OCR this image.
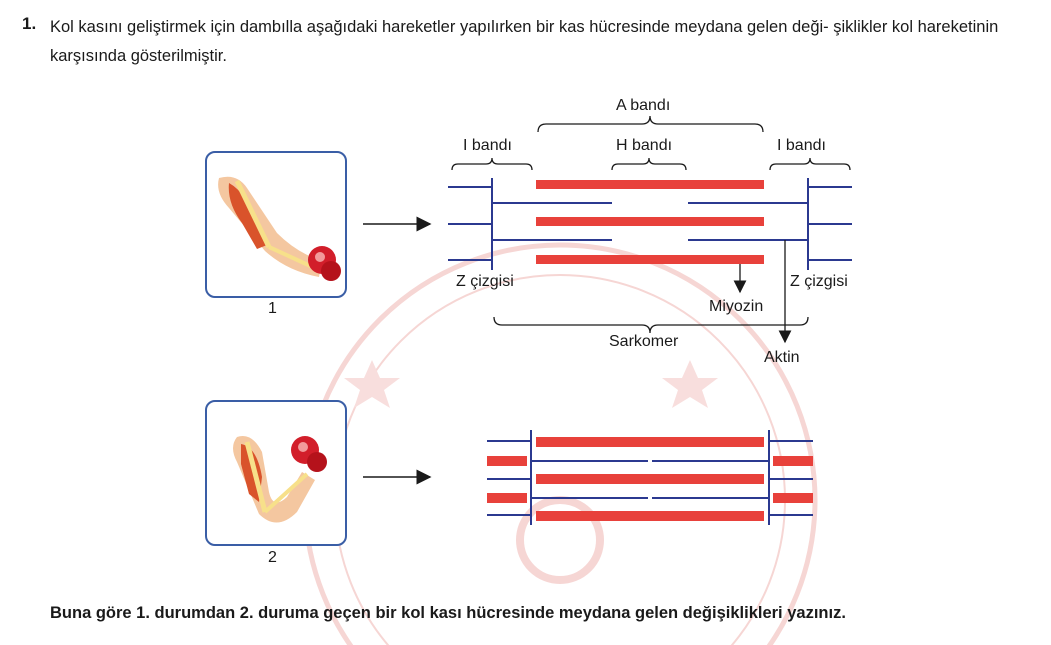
1. Kol kasını geliştirmek için dambılla aşağıdaki hareketler yapılırken bir kas hücresinde meydana gelen deği- şiklikler kol hareketinin karşısında gösterilmiştir.
1
2
A bandı
I bandı	H bandı	I bandı
Z çizgisi	Z çizgisi
Miyozin
Sarkomer
Aktin
Buna göre 1. durumdan 2. duruma geçen bir kol kası hücresinde meydana gelen değişiklikleri yazınız.
